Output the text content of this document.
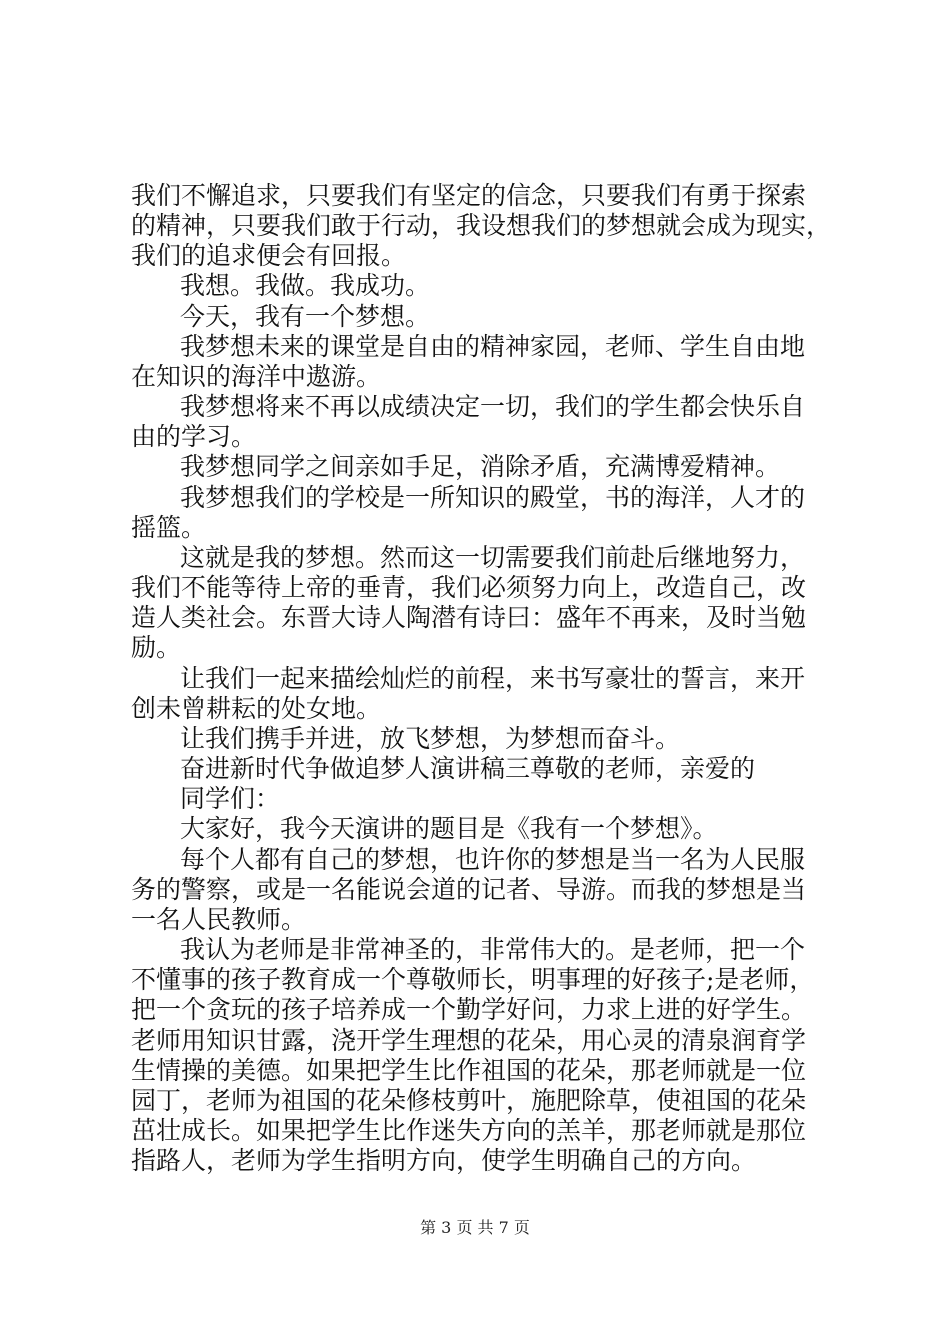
我们不懈追求，只要我们有坚定的信念，只要我们有勇于探索
的精神，只要我们敢于行动，我设想我们的梦想就会成为现实，
我们的追求便会有回报。
我想。我做。我成功。
今天，我有一个梦想。
我梦想未来的课堂是自由的精神家园，老师、学生自由地
在知识的海洋中遨游。
我梦想将来不再以成绩决定一切，我们的学生都会快乐自
由的学习。
我梦想同学之间亲如手足，消除矛盾，充满博爱精神。
我梦想我们的学校是一所知识的殿堂，书的海洋，人才的
摇篮。
这就是我的梦想。然而这一切需要我们前赴后继地努力，
我们不能等待上帝的垂青，我们必须努力向上，改造自己，改
造人类社会。东晋大诗人陶潜有诗曰：盛年不再来，及时当勉
励。
让我们一起来描绘灿烂的前程，来书写豪壮的誓言，来开
创未曾耕耘的处女地。
让我们携手并进，放飞梦想，为梦想而奋斗。
奋进新时代争做追梦人演讲稿三尊敬的老师，亲爱的
同学们：
大家好，我今天演讲的题目是《我有一个梦想》。
每个人都有自己的梦想，也许你的梦想是当一名为人民服
务的警察，或是一名能说会道的记者、导游。而我的梦想是当
一名人民教师。
我认为老师是非常神圣的，非常伟大的。是老师，把一个
不懂事的孩子教育成一个尊敬师长，明事理的好孩子;是老师，
把一个贪玩的孩子培养成一个勤学好问，力求上进的好学生。
老师用知识甘露，浇开学生理想的花朵，用心灵的清泉润育学
生情操的美德。如果把学生比作祖国的花朵，那老师就是一位
园丁，老师为祖国的花朵修枝剪叶，施肥除草，使祖国的花朵
茁壮成长。如果把学生比作迷失方向的羔羊，那老师就是那位
指路人，老师为学生指明方向，使学生明确自己的方向。
第 3 页 共 7 页
